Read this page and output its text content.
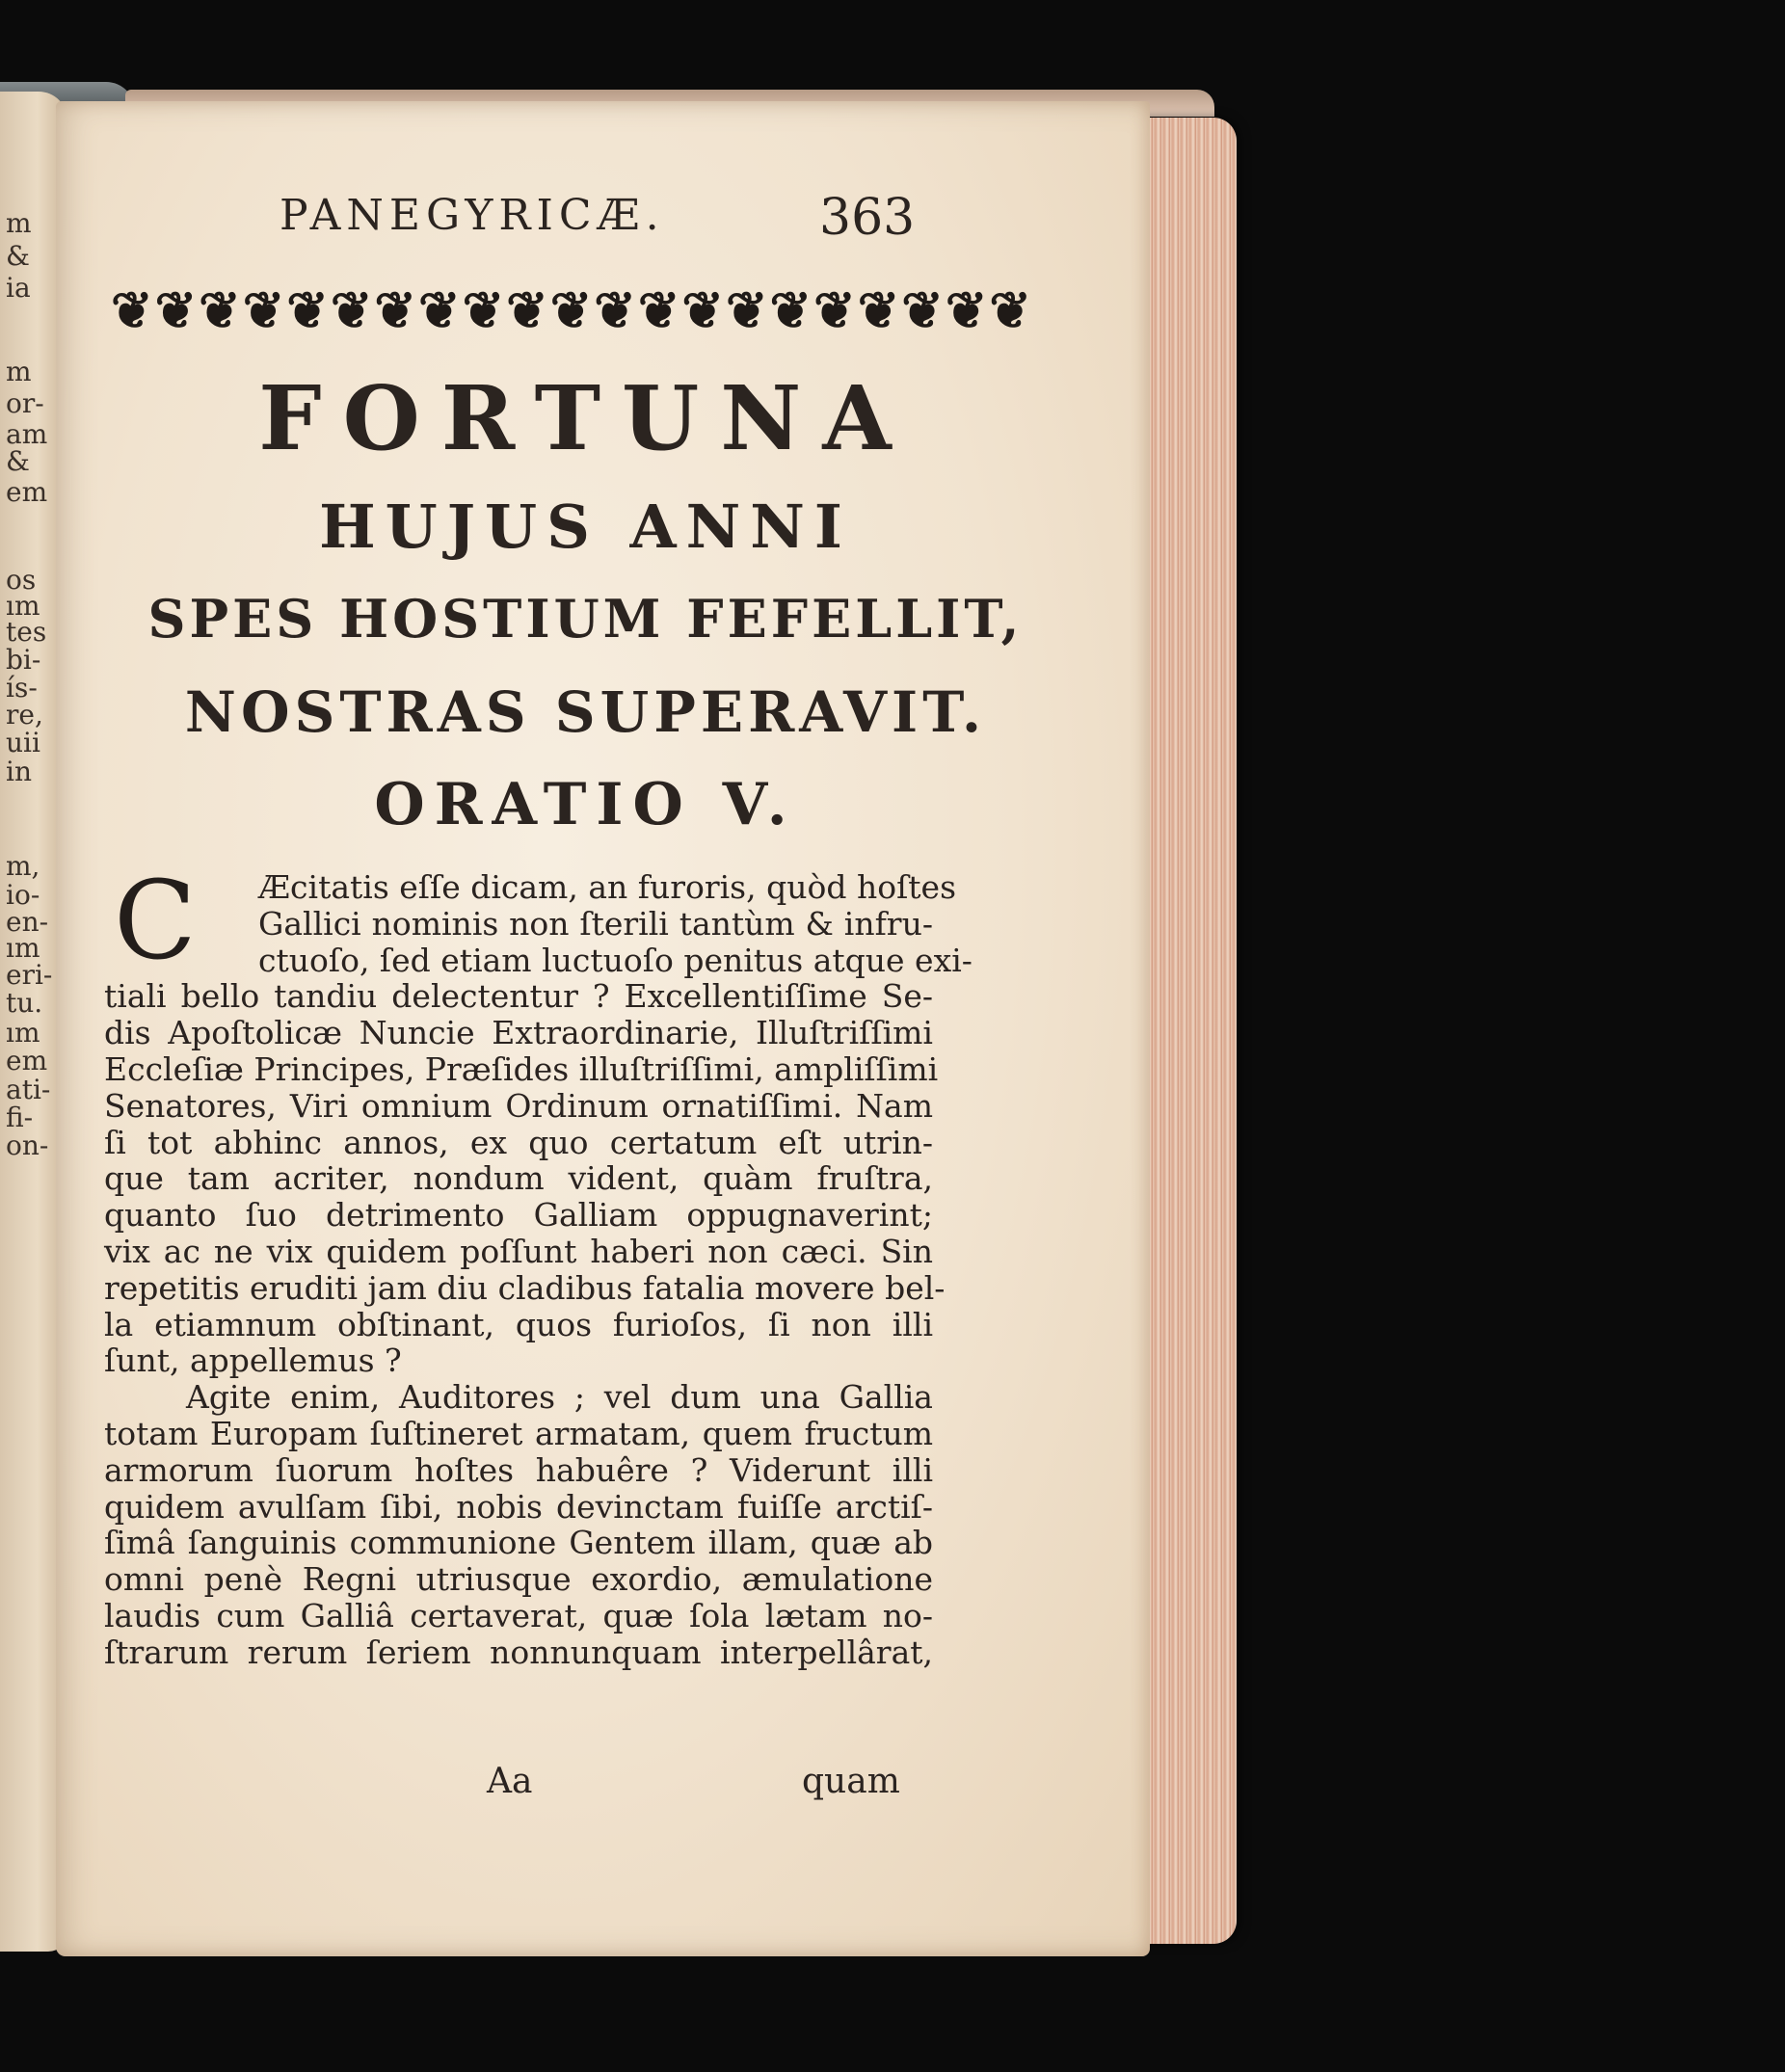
m
&
ia
m
or-
am
&
em
os
ım
tes
bi-
ís-
re,
uii
in
m,
io-
en-
ım
eri-
tu.
ım
em
ati-
fi-
on-
PANEGYRICÆ.	363
❦❦❦❦❦❦❦❦❦❦❦❦❦❦❦❦❦❦❦❦❦
FORTUNA
HUJUS ANNI
SPES HOSTIUM FEFELLIT,
NOSTRAS SUPERAVIT.
ORATIO V.
C	Æcitatis eſſe dicam, an furoris, quòd hoſtes
Gallici nominis non ſterili tantùm & infru-
ctuoſo, ſed etiam luctuoſo penitus atque exi-
tiali bello tandiu delectentur ? Excellentiſſime Se-
dis Apoſtolicæ Nuncie Extraordinarie, Illuſtriſſimi
Eccleſiæ Principes, Præſides illuſtriſſimi, ampliſſimi
Senatores, Viri omnium Ordinum ornatiſſimi. Nam
ſi tot abhinc annos, ex quo certatum eſt utrin-
que tam acriter, nondum vident, quàm fruſtra,
quanto ſuo detrimento Galliam oppugnaverint;
vix ac ne vix quidem poſſunt haberi non cæci. Sin
repetitis eruditi jam diu cladibus fatalia movere bel-
la etiamnum obſtinant, quos furioſos, ſi non illi
ſunt, appellemus ?
Agite enim, Auditores ; vel dum una Gallia
totam Europam ſuſtineret armatam, quem fructum
armorum ſuorum hoſtes habuêre ? Viderunt illi
quidem avulſam ſibi, nobis devinctam fuiſſe arctiſ-
ſimâ ſanguinis communione Gentem illam, quæ ab
omni penè Regni utriusque exordio, æmulatione
laudis cum Galliâ certaverat, quæ ſola lætam no-
ſtrarum rerum ſeriem nonnunquam interpellârat,
Aa	quam
